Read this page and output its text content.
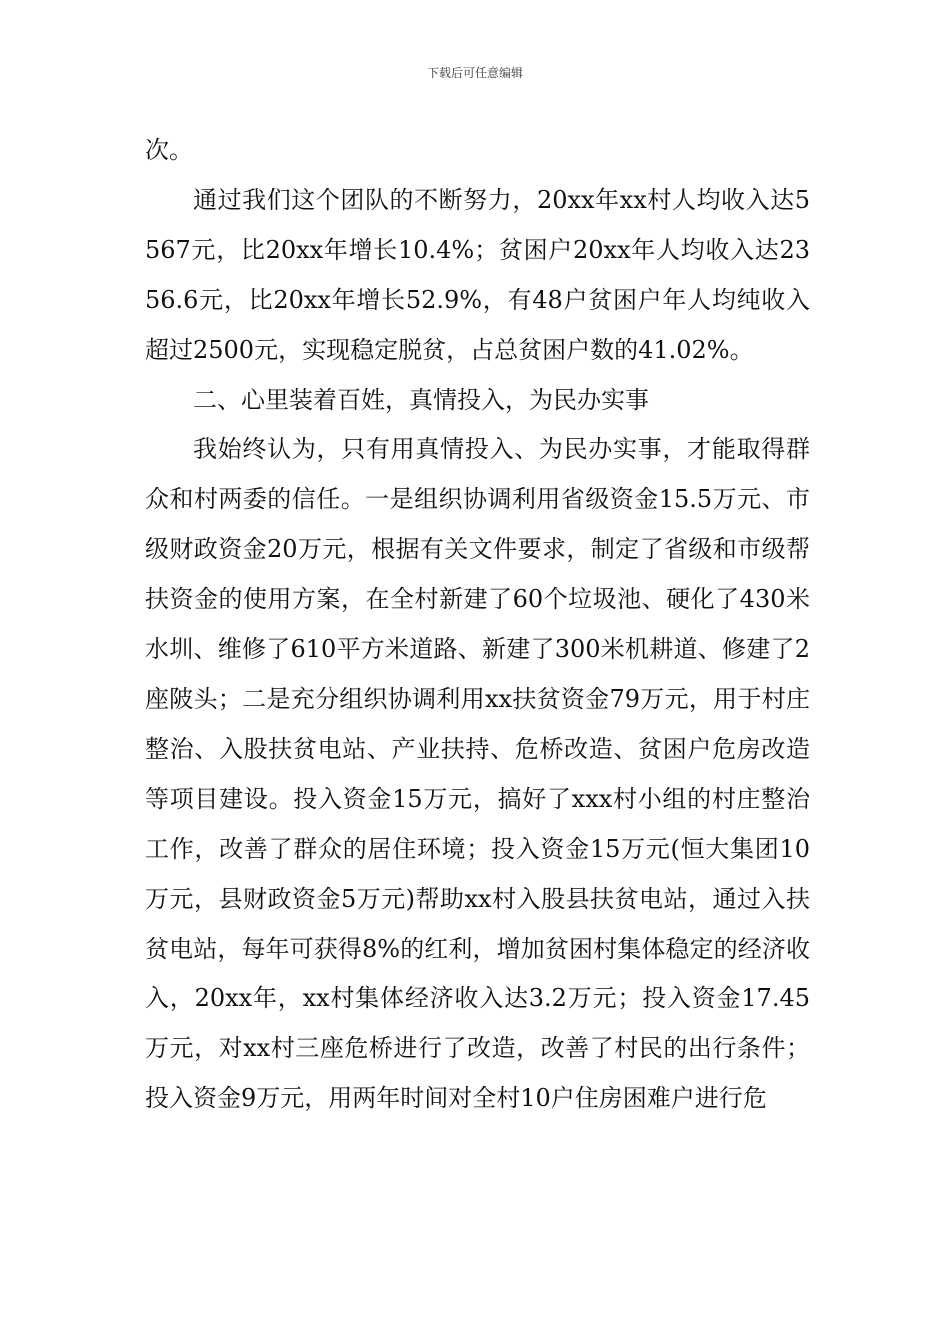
下载后可任意编辑

次。

通过我们这个团队的不断努力，20xx年xx村人均收入达5567元，比20xx年增长10.4%；贫困户20xx年人均收入达2356.6元，比20xx年增长52.9%，有48户贫困户年人均纯收入超过2500元，实现稳定脱贫，占总贫困户数的41.02%。

二、心里装着百姓，真情投入，为民办实事

我始终认为，只有用真情投入、为民办实事，才能取得群众和村两委的信任。一是组织协调利用省级资金15.5万元、市级财政资金20万元，根据有关文件要求，制定了省级和市级帮扶资金的使用方案，在全村新建了60个垃圾池、硬化了430米水圳、维修了610平方米道路、新建了300米机耕道、修建了2座陂头；二是充分组织协调利用xx扶贫资金79万元，用于村庄整治、入股扶贫电站、产业扶持、危桥改造、贫困户危房改造等项目建设。投入资金15万元，搞好了xxx村小组的村庄整治工作，改善了群众的居住环境；投入资金15万元(恒大集团10万元，县财政资金5万元)帮助xx村入股县扶贫电站，通过入扶贫电站，每年可获得8%的红利，增加贫困村集体稳定的经济收入，20xx年，xx村集体经济收入达3.2万元；投入资金17.45万元，对xx村三座危桥进行了改造，改善了村民的出行条件；投入资金9万元，用两年时间对全村10户住房困难户进行危
